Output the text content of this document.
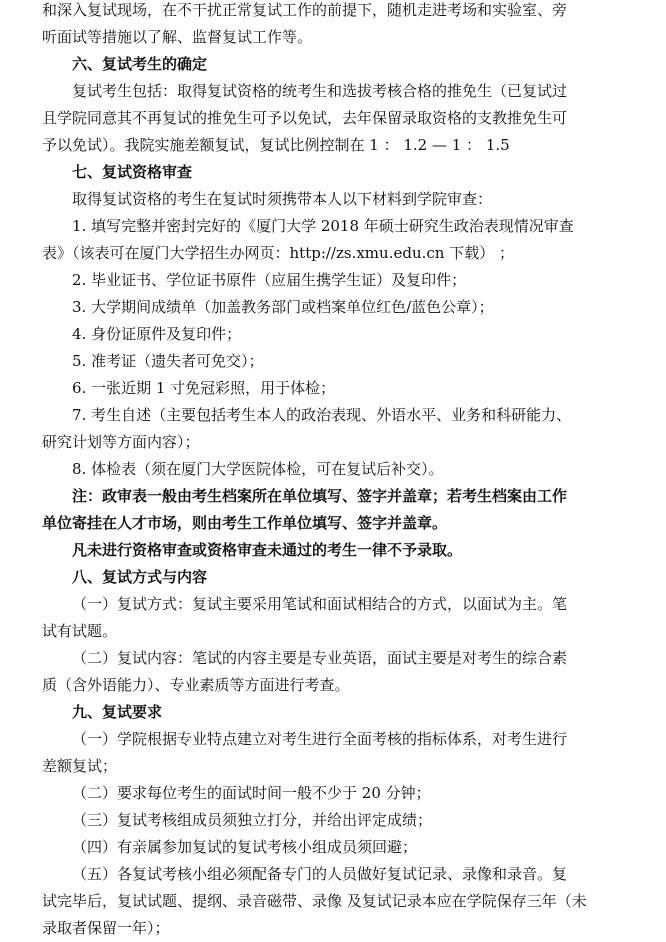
和深入复试现场，在不干扰正常复试工作的前提下，随机走进考场和实验室、旁
听面试等措施以了解、监督复试工作等。
六、复试考生的确定
复试考生包括：取得复试资格的统考生和选拔考核合格的推免生（已复试过
且学院同意其不再复试的推免生可予以免试，去年保留录取资格的支教推免生可
予以免试）。我院实施差额复试，复试比例控制在 1 ： 1.2 — 1 ： 1.5
七、复试资格审查
取得复试资格的考生在复试时须携带本人以下材料到学院审查：
1. 填写完整并密封完好的《厦门大学 2018 年硕士研究生政治表现情况审查
表》（该表可在厦门大学招生办网页：http://zs.xmu.edu.cn 下载） ；
2. 毕业证书、学位证书原件（应届生携学生证）及复印件；
3. 大学期间成绩单（加盖教务部门或档案单位红色/蓝色公章）；
4. 身份证原件及复印件；
5. 准考证（遗失者可免交）；
6. 一张近期 1 寸免冠彩照，用于体检；
7. 考生自述（主要包括考生本人的政治表现、外语水平、业务和科研能力、
研究计划等方面内容）；
8. 体检表（须在厦门大学医院体检，可在复试后补交）。
注：政审表一般由考生档案所在单位填写、签字并盖章；若考生档案由工作
单位寄挂在人才市场，则由考生工作单位填写、签字并盖章。
凡未进行资格审查或资格审查未通过的考生一律不予录取。
八、复试方式与内容
（一）复试方式：复试主要采用笔试和面试相结合的方式，以面试为主。笔
试有试题。
（二）复试内容：笔试的内容主要是专业英语，面试主要是对考生的综合素
质（含外语能力）、专业素质等方面进行考查。
九、复试要求
（一）学院根据专业特点建立对考生进行全面考核的指标体系，对考生进行
差额复试；
（二）要求每位考生的面试时间一般不少于 20 分钟；
（三）复试考核组成员须独立打分，并给出评定成绩；
（四）有亲属参加复试的复试考核小组成员须回避；
（五）各复试考核小组必须配备专门的人员做好复试记录、录像和录音。复
试完毕后，复试试题、提纲、录音磁带、录像 及复试记录本应在学院保存三年（未
录取者保留一年）；
